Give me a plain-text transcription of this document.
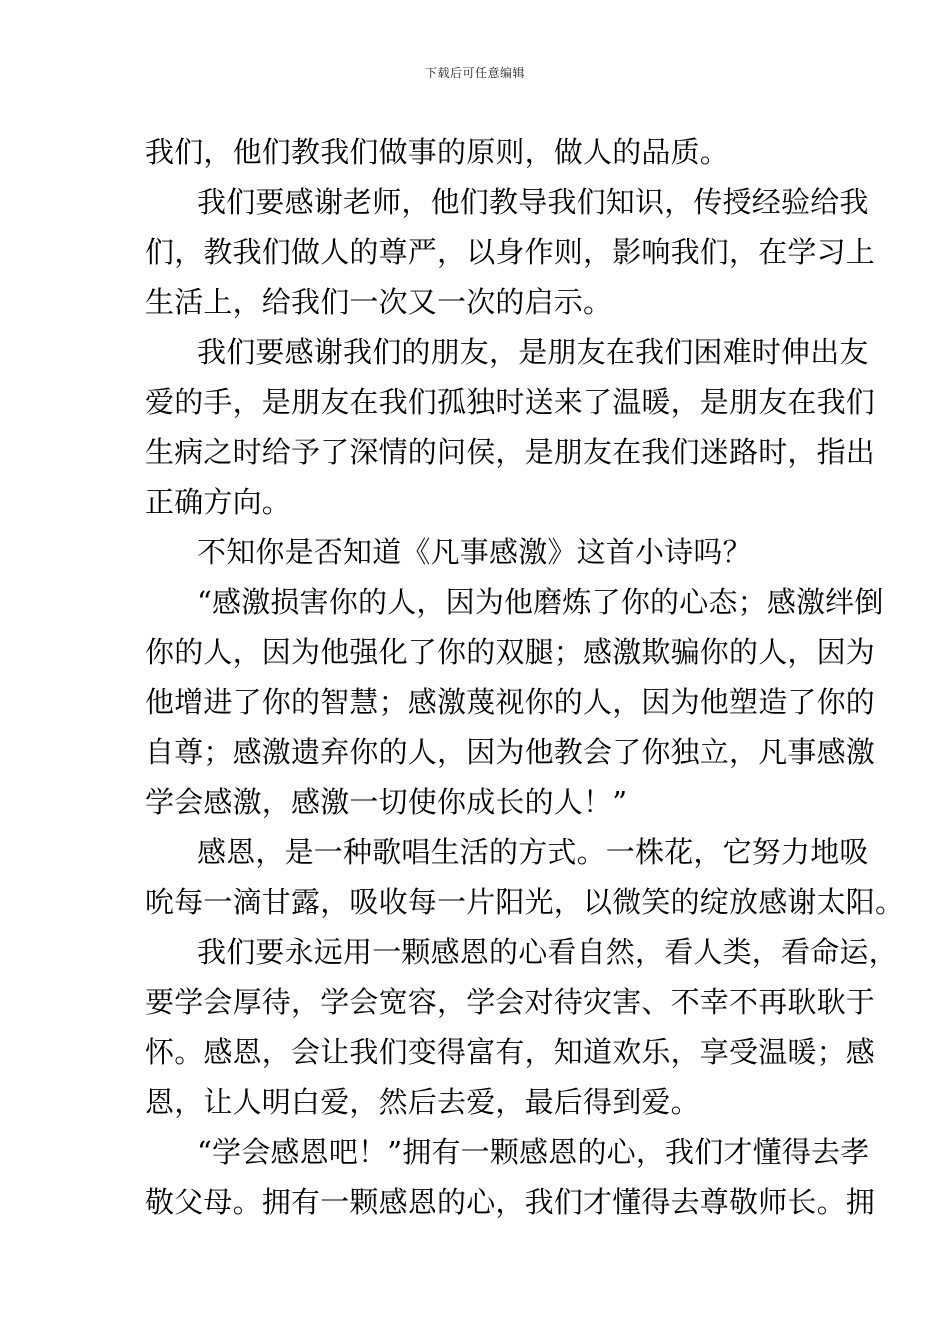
下载后可任意编辑
我们，他们教我们做事的原则，做人的品质。
我们要感谢老师，他们教导我们知识，传授经验给我
们，教我们做人的尊严，以身作则，影响我们，在学习上
生活上，给我们一次又一次的启示。
我们要感谢我们的朋友，是朋友在我们困难时伸出友
爱的手，是朋友在我们孤独时送来了温暖，是朋友在我们
生病之时给予了深情的问侯，是朋友在我们迷路时，指出
正确方向。
不知你是否知道《凡事感激》这首小诗吗？
“感激损害你的人，因为他磨炼了你的心态；感激绊倒
你的人，因为他强化了你的双腿；感激欺骗你的人，因为
他增进了你的智慧；感激蔑视你的人，因为他塑造了你的
自尊；感激遗弃你的人，因为他教会了你独立，凡事感激
学会感激，感激一切使你成长的人！”
感恩，是一种歌唱生活的方式。一株花，它努力地吸
吮每一滴甘露，吸收每一片阳光，以微笑的绽放感谢太阳。
我们要永远用一颗感恩的心看自然，看人类，看命运，
要学会厚待，学会宽容，学会对待灾害、不幸不再耿耿于
怀。感恩，会让我们变得富有，知道欢乐，享受温暖；感
恩，让人明白爱，然后去爱，最后得到爱。
“学会感恩吧！”拥有一颗感恩的心，我们才懂得去孝
敬父母。拥有一颗感恩的心，我们才懂得去尊敬师长。拥
